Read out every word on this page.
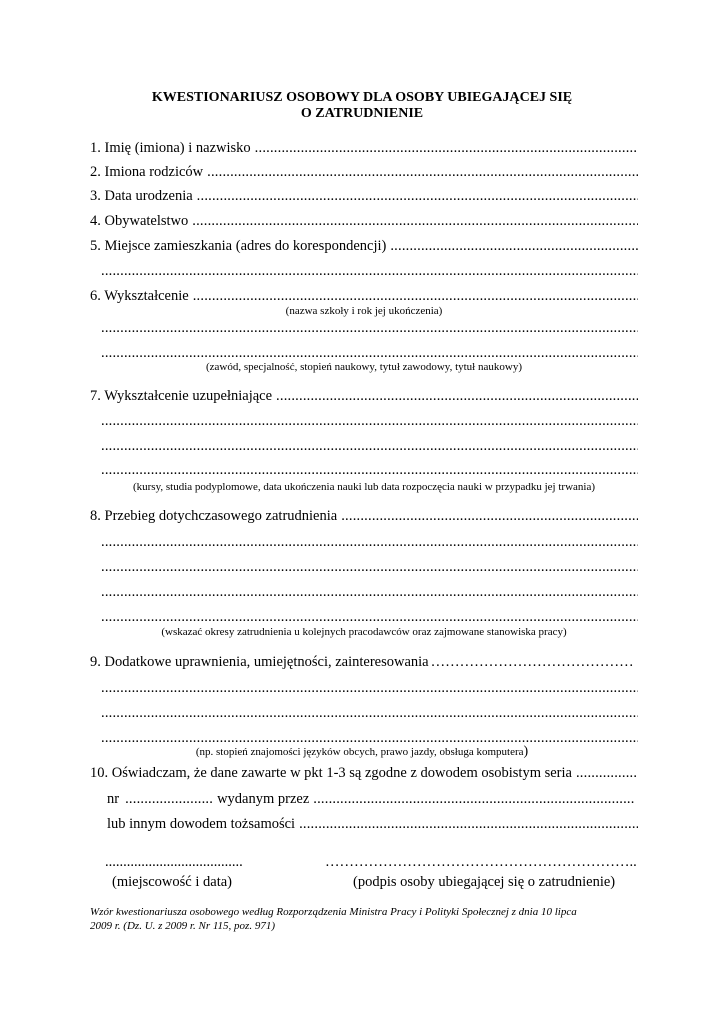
KWESTIONARIUSZ OSOBOWY DLA OSOBY UBIEGAJĄCEJ SIĘ
O ZATRUDNIENIE
1. Imię (imiona) i nazwisko
.....
2. Imiona rodziców
.....
3. Data urodzenia
.....
4. Obywatelstwo
.....
5. Miejsce zamieszkania (adres do korespondencji)
.....
.....
6. Wykształcenie
.....
(nazwa szkoły i rok jej ukończenia)
.....
.....
(zawód, specjalność, stopień naukowy, tytuł zawodowy, tytuł naukowy)
7. Wykształcenie uzupełniające
.....
.....
.....
.....
(kursy, studia podyplomowe, data ukończenia nauki lub data rozpoczęcia nauki w przypadku jej trwania)
8. Przebieg dotychczasowego zatrudnienia
.....
.....
.....
.....
.....
(wskazać okresy zatrudnienia u kolejnych pracodawców oraz zajmowane stanowiska pracy)
9. Dodatkowe uprawnienia, umiejętności, zainteresowania ……………………………………
.....
.....
.....
(np. stopień znajomości języków obcych, prawo jazdy, obsługa komputera)
10. Oświadczam, że dane zawarte w pkt 1-3 są zgodne z dowodem osobistym seria
.....
nr ....................... wydanym przez
.....
lub innym dowodem tożsamości
.....
......................................	………………………………………………………..
(miejscowość i data)	(podpis osoby ubiegającej się o zatrudnienie)
Wzór kwestionariusza osobowego według Rozporządzenia Ministra Pracy i Polityki Społecznej z dnia 10 lipca
2009 r. (Dz. U. z 2009 r. Nr 115, poz. 971)
